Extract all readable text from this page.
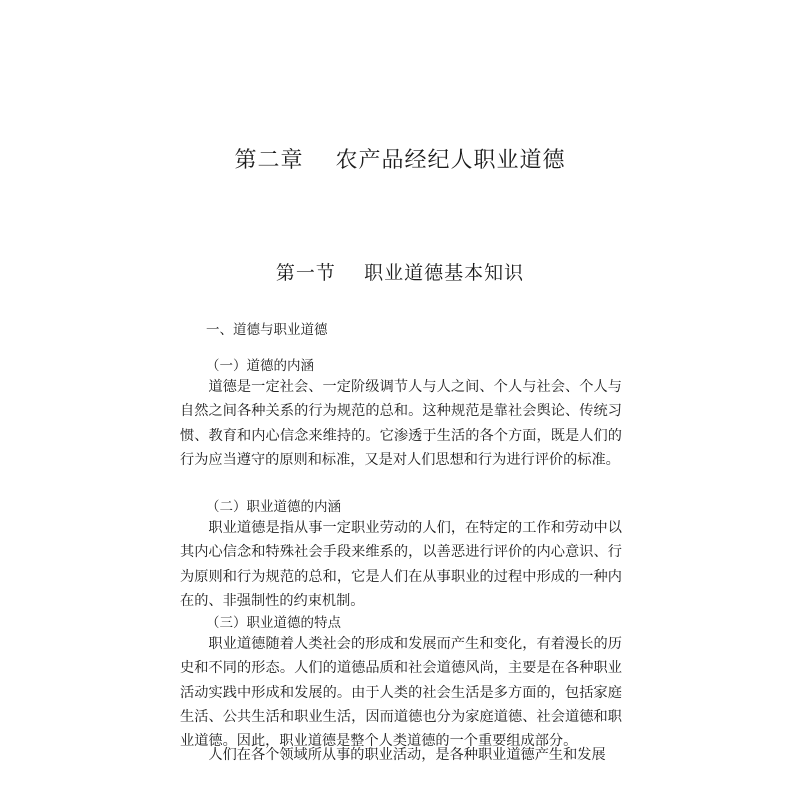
第二章    农产品经纪人职业道德
第一节    职业道德基本知识
一、道德与职业道德
（一）道德的内涵

道德是一定社会、一定阶级调节人与人之间、个人与社会、个人与自然之间各种关系的行为规范的总和。这种规范是靠社会舆论、传统习惯、教育和内心信念来维持的。它渗透于生活的各个方面，既是人们的行为应当遵守的原则和标准，又是对人们思想和行为进行评价的标准。

（二）职业道德的内涵

职业道德是指从事一定职业劳动的人们，在特定的工作和劳动中以其内心信念和特殊社会手段来维系的，以善恶进行评价的内心意识、行为原则和行为规范的总和，它是人们在从事职业的过程中形成的一种内在的、非强制性的约束机制。

（三）职业道德的特点

职业道德随着人类社会的形成和发展而产生和变化，有着漫长的历史和不同的形态。人们的道德品质和社会道德风尚，主要是在各种职业活动实践中形成和发展的。由于人类的社会生活是多方面的，包括家庭生活、公共生活和职业生活，因而道德也分为家庭道德、社会道德和职业道德。因此，职业道德是整个人类道德的一个重要组成部分。

人们在各个领域所从事的职业活动，是各种职业道德产生和发展
